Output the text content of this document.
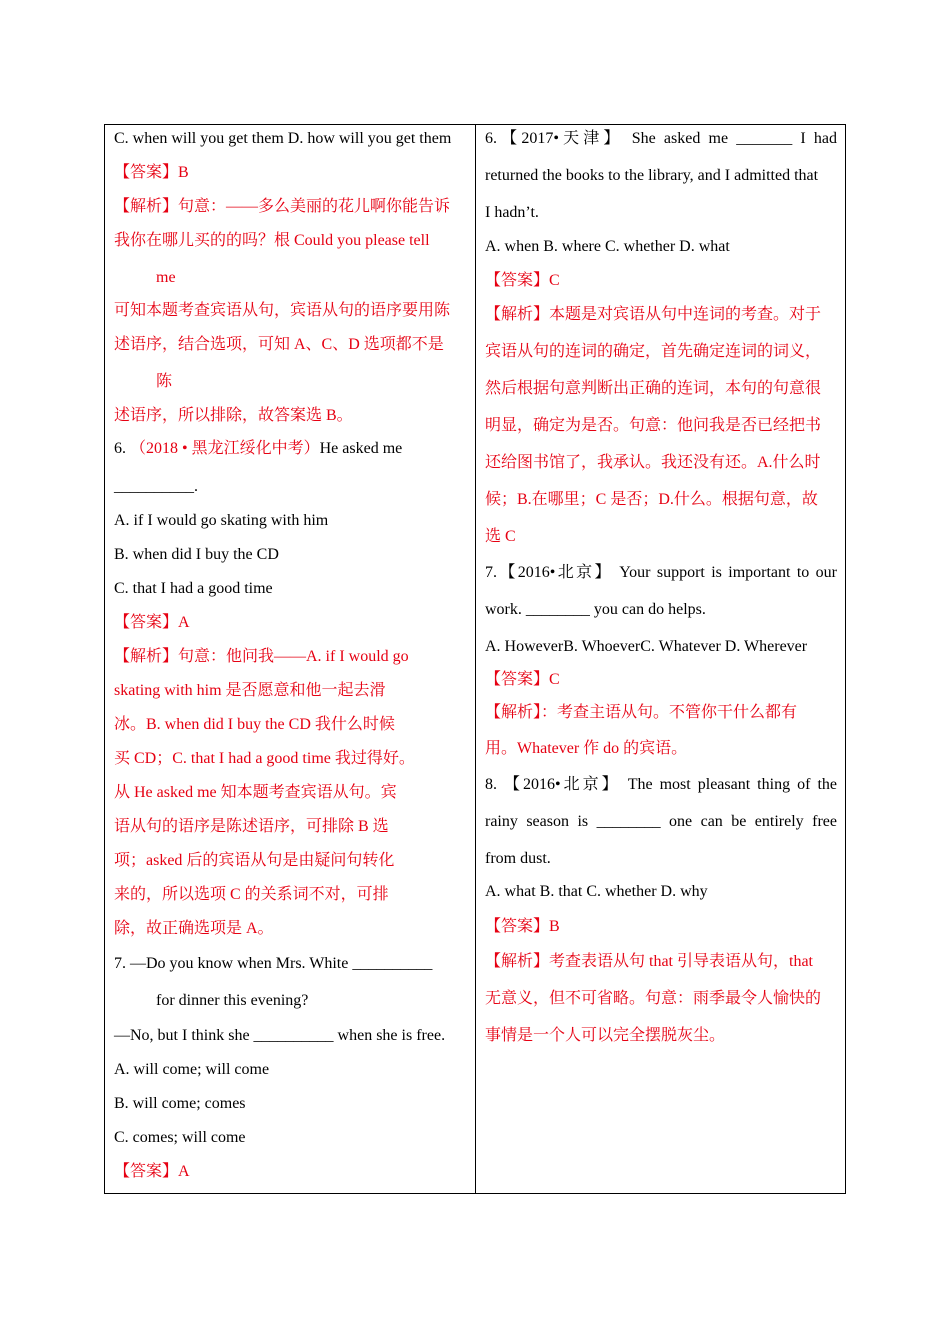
C. when will you get them D. how will you get them
【答案】B
【解析】句意：——多么美丽的花儿啊你能告诉
我你在哪儿买的的吗？根 Could you please tell
me
可知本题考查宾语从句，宾语从句的语序要用陈
述语序，结合选项，可知 A、C、D 选项都不是
陈
述语序，所以排除，故答案选 B。
6. （2018 • 黑龙江绥化中考）He asked me
__________.
A. if I would go skating with him
B. when did I buy the CD
C. that I had a good time
【答案】A
【解析】句意：他问我——A. if I would go
skating with him 是否愿意和他一起去滑
冰。B. when did I buy the CD 我什么时候
买 CD；C. that I had a good time 我过得好。
从 He asked me 知本题考查宾语从句。宾
语从句的语序是陈述语序，可排除 B 选
项；asked 后的宾语从句是由疑问句转化
来的，所以选项 C 的关系词不对，可排
除，故正确选项是 A。
7. —Do you know when Mrs. White __________
for dinner this evening?
—No, but I think she __________ when she is free.
A. will come; will come
B. will come; comes
C. comes; will come
【答案】A
6.【2017•天津】 She asked me _______ I had
returned the books to the library, and I admitted that
I hadn’t.
A. when B. where C. whether D. what
【答案】C
【解析】本题是对宾语从句中连词的考查。对于
宾语从句的连词的确定，首先确定连词的词义，
然后根据句意判断出正确的连词，本句的句意很
明显，确定为是否。句意：他问我是否已经把书
还给图书馆了，我承认。我还没有还。A.什么时
候；B.在哪里；C 是否；D.什么。根据句意，故
选 C
7.【2016•北京】 Your support is important to our
work. ________ you can do helps.
A. HoweverB. WhoeverC. Whatever D. Wherever
【答案】C
【解析】：考查主语从句。不管你干什么都有
用。Whatever 作 do 的宾语。
8. 【2016•北京】 The most pleasant thing of the
rainy season is ________ one can be entirely free
from dust.
A. what B. that C. whether D. why
【答案】B
【解析】考查表语从句 that 引导表语从句，that
无意义，但不可省略。句意：雨季最令人愉快的
事情是一个人可以完全摆脱灰尘。
